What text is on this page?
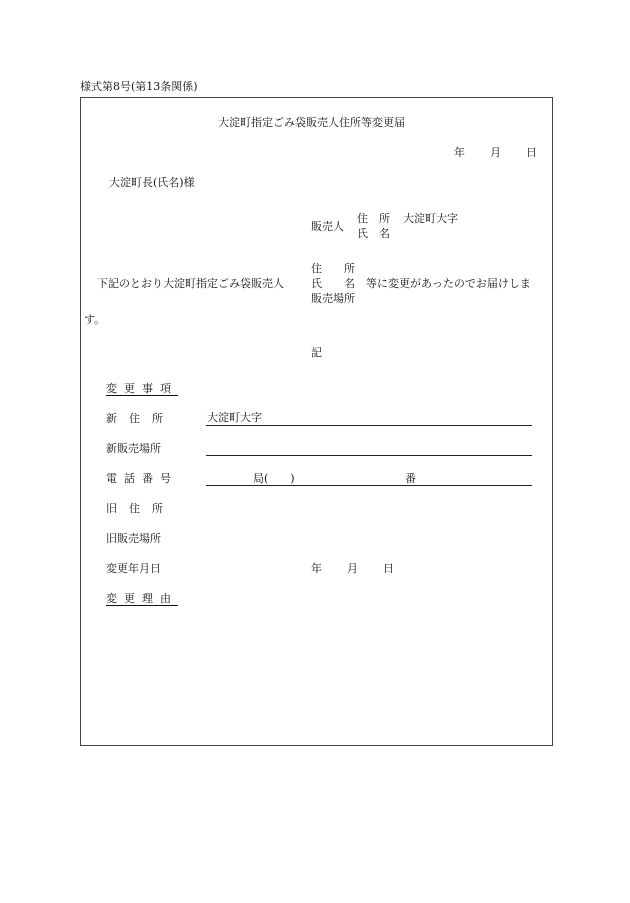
様式第8号(第13条関係)
大淀町指定ごみ袋販売人住所等変更届
年 月 日
大淀町長(氏名)様
販売人
住　所 大淀町大字
氏　名
住　　所
下記のとおり大淀町指定ごみ袋販売人 氏　　名 等に変更があったのでお届けしま
販売場所
す。
記
変更事項
新住所	大淀町大字
新販売場所
電話番号	局(　　)	番
旧住所
旧販売場所
変更年月日	年 月 日
変更理由
